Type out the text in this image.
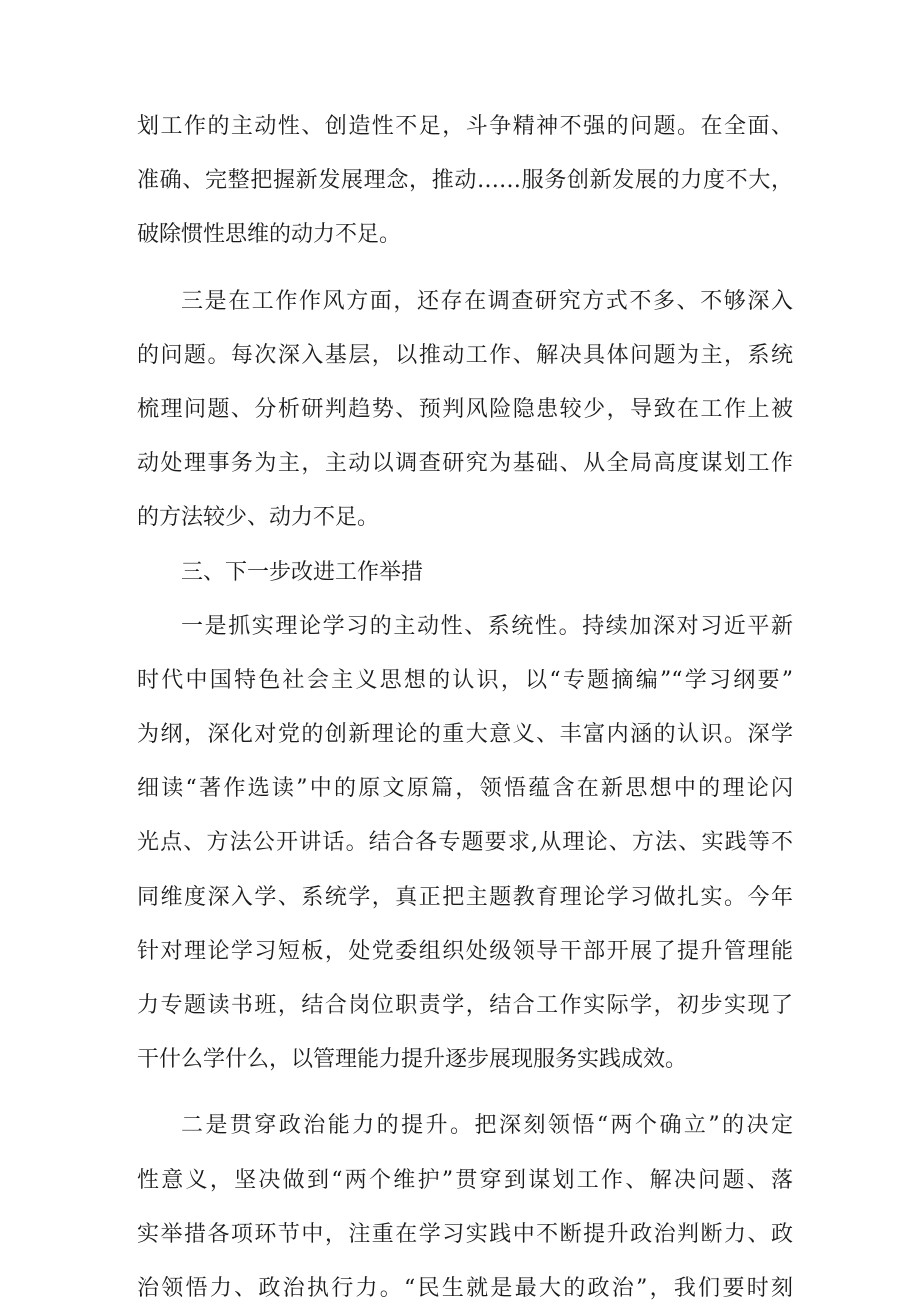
划工作的主动性、创造性不足，斗争精神不强的问题。在全面、
准确、完整把握新发展理念，推动……服务创新发展的力度不大，
破除惯性思维的动力不足。
三是在工作作风方面，还存在调查研究方式不多、不够深入
的问题。每次深入基层，以推动工作、解决具体问题为主，系统
梳理问题、分析研判趋势、预判风险隐患较少，导致在工作上被
动处理事务为主，主动以调查研究为基础、从全局高度谋划工作
的方法较少、动力不足。
三、下一步改进工作举措
一是抓实理论学习的主动性、系统性。持续加深对习近平新
时代中国特色社会主义思想的认识，以“专题摘编”“学习纲要”
为纲，深化对党的创新理论的重大意义、丰富内涵的认识。深学
细读“著作选读”中的原文原篇，领悟蕴含在新思想中的理论闪
光点、方法公开讲话。结合各专题要求,从理论、方法、实践等不
同维度深入学、系统学，真正把主题教育理论学习做扎实。今年
针对理论学习短板，处党委组织处级领导干部开展了提升管理能
力专题读书班，结合岗位职责学，结合工作实际学，初步实现了
干什么学什么，以管理能力提升逐步展现服务实践成效。
二是贯穿政治能力的提升。把深刻领悟“两个确立”的决定
性意义，坚决做到“两个维护”贯穿到谋划工作、解决问题、落
实举措各项环节中，注重在学习实践中不断提升政治判断力、政
治领悟力、政治执行力。“民生就是最大的政治”，我们要时刻
